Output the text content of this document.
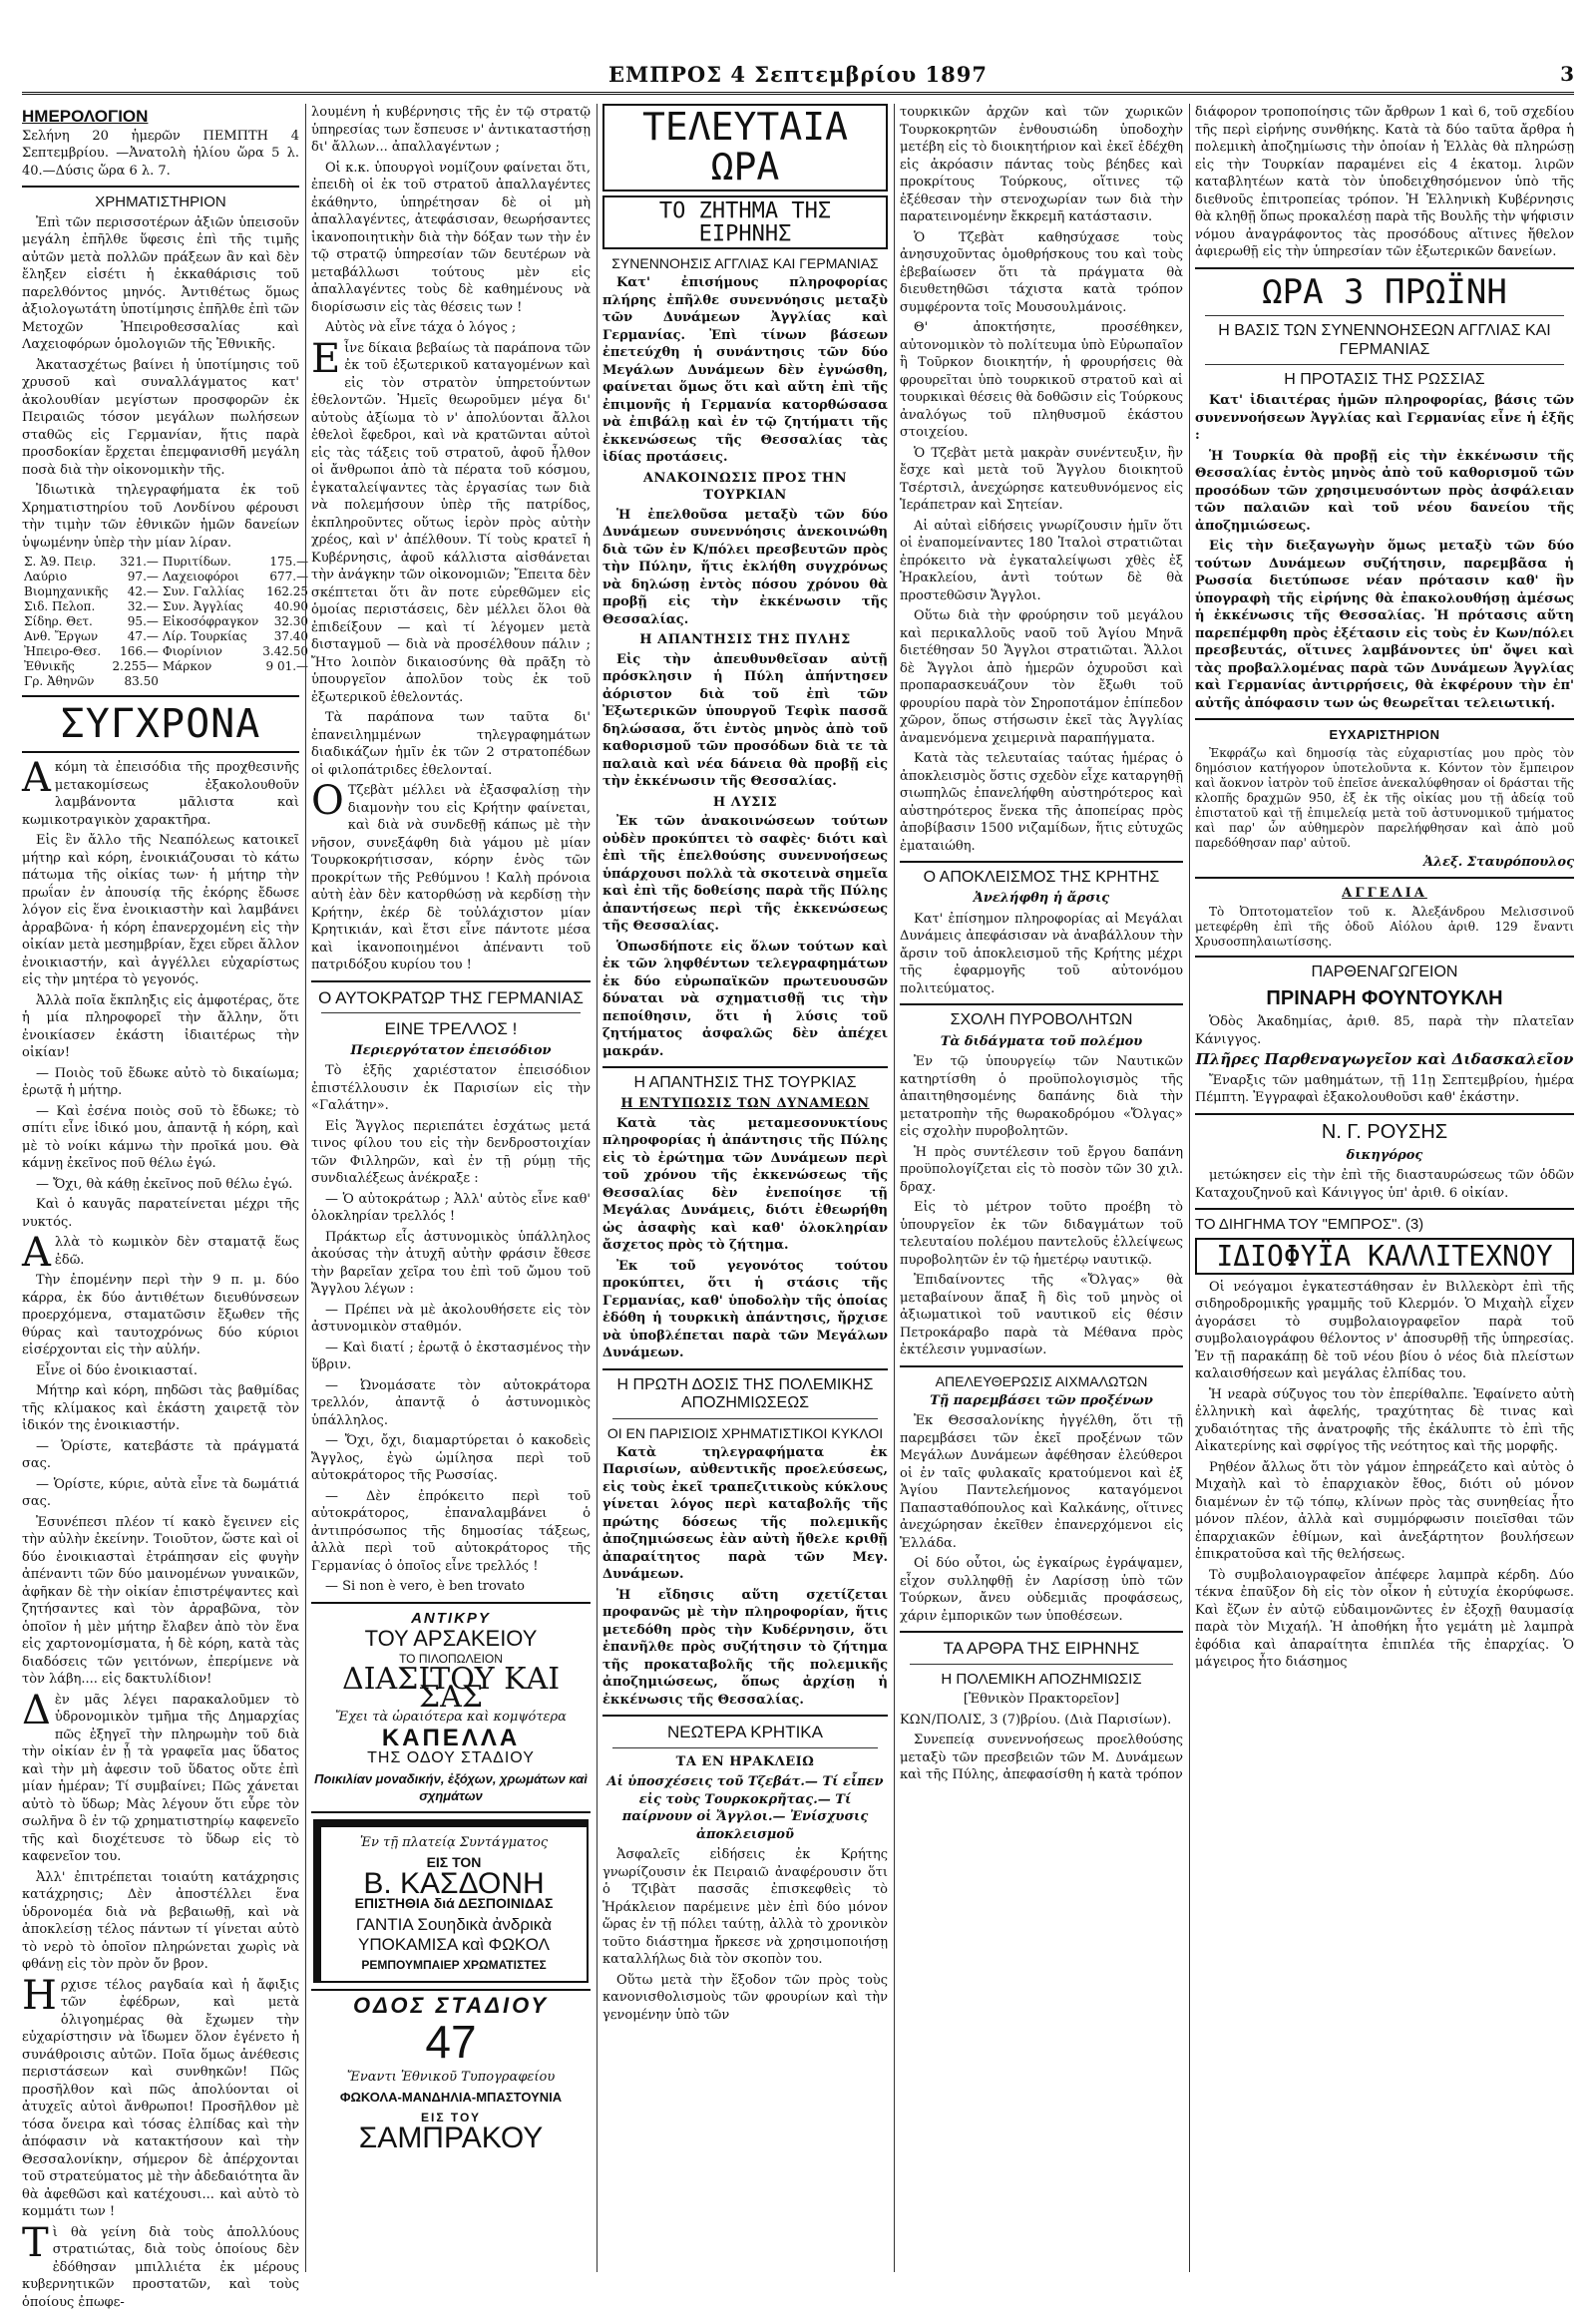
ΕΜΠΡΟΣ 4 Σεπτεμβρίου 1897	3
ΗΜΕΡΟΛΟΓΙΟΝ

Σελήνη 20 ἡμερῶν ΠΕΜΠΤΗ 4 Σεπτεμβρίου. —Ἀνατολὴ ἡλίου ὥρα 5 λ. 40.—Δύσις ὥρα 6 λ. 7.

ΧΡΗΜΑΤΙΣΤΗΡΙΟΝ

Ἐπὶ τῶν περισσοτέρων ἀξιῶν ὑπεισοῦν μεγάλη ἐπῆλθε ὕφεσις ἐπὶ τῆς τιμῆς αὐτῶν μετὰ πολλῶν πράξεων ἂν καὶ δὲν ἔληξεν εἰσέτι ἡ ἐκκαθάρισις τοῦ παρελθόντος μηνός. Ἀντιθέτως ὅμως ἀξιολογωτάτη ὑποτίμησις ἐπῆλθε ἐπὶ τῶν Μετοχῶν Ἠπειροθεσσαλίας καὶ Λαχειοφόρων ὁμολογιῶν τῆς Ἐθνικῆς.

Ἀκατασχέτως βαίνει ἡ ὑποτίμησις τοῦ χρυσοῦ καὶ συναλλάγματος κατ' ἀκολουθίαν μεγίστων προσφορῶν ἐκ Πειραιῶς τόσον μεγάλων πωλήσεων σταθῶς εἰς Γερμανίαν, ἥτις παρὰ προσδοκίαν ἔρχεται ἐπεμφανισθῆ μεγάλη ποσὰ διὰ τὴν οἰκονομικὴν τῆς.

Ἰδιωτικὰ τηλεγραφήματα ἐκ τοῦ Χρηματιστηρίου τοῦ Λονδίνου φέρουσι τὴν τιμὴν τῶν ἐθνικῶν ἡμῶν δανείων ὑψωμένην ὑπὲρ τὴν μίαν λίραν.

Σ. Ἀ9. Πειρ.	321.—	Πυριτίδων.	175.—
Λαύριο	97.—	Λαχειοφόροι	677.—
Βιομηχανικῆς	42.—	Συν. Γαλλίας	162.25
Σιδ. Πελοπ.	32.—	Συν. Ἀγγλίας	40.90
Σίδηρ. Θετ.	95.—	Εἰκοσόφραγκον	32.30
Ανθ. Ἔργων	47.—	Λίρ. Τουρκίας	37.40
Ἠπειρο-Θεσ.	166.—	Φιορίνιον	3.42.50
Ἐθνικῆς	2.255—	Μάρκον	9 01.—
Γρ. Ἀθηνῶν	83.50		
ΣΥΓΧΡΟΝΑ

Ακόμη τὰ ἐπεισόδια τῆς προχθεσινῆς μετακομίσεως ἐξακολουθοῦν λαμβάνοντα μᾶλιστα καὶ κωμικοτραγικὸν χαρακτῆρα.

Εἰς ἓν ἄλλο τῆς Νεαπόλεως κατοικεῖ μήτηρ καὶ κόρη, ἐνοικιάζουσαι τὸ κάτω πάτωμα τῆς οἰκίας των· ἡ μήτηρ τὴν πρωΐαν ἐν ἀπουσίᾳ τῆς ἐκόρης ἔδωσε λόγον εἰς ἕνα ἐνοικιαστὴν καὶ λαμβάνει ἀρραβῶνα· ἡ κόρη ἐπανερχομένη εἰς τὴν οἰκίαν μετὰ μεσημβρίαν, ἔχει εὕρει ἄλλον ἐνοικιαστήν, καὶ ἀγγέλλει εὐχαρίστως εἰς τὴν μητέρα τὸ γεγονός.

Ἀλλὰ ποῖα ἔκπληξις εἰς ἀμφοτέρας, ὅτε ἡ μία πληροφορεῖ τὴν ἄλλην, ὅτι ἐνοικίασεν ἑκάστη ἰδιαιτέρως τὴν οἰκίαν!

— Ποιὸς τοῦ ἔδωκε αὐτὸ τὸ δικαίωμα; ἐρωτᾷ ἡ μήτηρ.

— Καὶ ἐσένα ποιὸς σοῦ τὸ ἔδωκε; τὸ σπίτι εἶνε ἰδικό μου, ἀπαντᾷ ἡ κόρη, καὶ μὲ τὸ νοίκι κάμνω τὴν προῖκά μου. Θὰ κάμνῃ ἐκεῖνος ποῦ θέλω ἐγώ.

— Ὄχι, θὰ κάθῃ ἐκεῖνος ποῦ θέλω ἐγώ.

Καὶ ὁ καυγᾶς παρατείνεται μέχρι τῆς νυκτός.

Αλλὰ τὸ κωμικὸν δὲν σταματᾷ ἕως ἐδῶ.

Τὴν ἐπομένην περὶ τὴν 9 π. μ. δύο κάρρα, ἐκ δύο ἀντιθέτων διευθύνσεων προερχόμενα, σταματῶσιν ἔξωθεν τῆς θύρας καὶ ταυτοχρόνως δύο κύριοι εἰσέρχονται εἰς τὴν αὐλήν.

Εἶνε οἱ δύο ἐνοικιασταί.

Μήτηρ καὶ κόρη, πηδῶσι τὰς βαθμίδας τῆς κλίμακος καὶ ἑκάστη χαιρετᾷ τὸν ἰδικόν της ἐνοικιαστήν.

— Ὁρίστε, κατεβάστε τὰ πράγματά σας.

— Ὁρίστε, κύριε, αὐτὰ εἶνε τὰ δωμάτιά σας.

Ἐσυνέπεσι πλέον τί κακὸ ἔγεινεν εἰς τὴν αὐλὴν ἐκείνην. Τοιοῦτον, ὥστε καὶ οἱ δύο ἐνοικιασταὶ ἐτράπησαν εἰς φυγὴν ἀπέναντι τῶν δύο μαινομένων γυναικῶν, ἀφῆκαν δὲ τὴν οἰκίαν ἐπιστρέψαντες καὶ ζητήσαντες καὶ τὸν ἀρραβῶνα, τὸν ὁποῖον ἡ μὲν μήτηρ ἔλαβεν ἀπὸ τὸν ἕνα εἰς χαρτονομίσματα, ἡ δὲ κόρη, κατὰ τὰς διαδόσεις τῶν γειτόνων, ἐπερίμενε νὰ τὸν λάβη.... εἰς δακτυλίδιον!

Δὲν μᾶς λέγει παρακαλοῦμεν τὸ ὑδρονομικὸν τμῆμα τῆς Δημαρχίας πῶς ἐξηγεῖ τὴν πληρωμὴν τοῦ διὰ τὴν οἰκίαν ἐν ᾗ τὰ γραφεῖα μας ὕδατος καὶ τὴν μὴ ἀφεσιν τοῦ ὕδατος οὔτε ἐπὶ μίαν ἡμέραν; Τί συμβαίνει; Πῶς χάνεται αὐτὸ τὸ ὕδωρ; Μὰς λέγουν ὅτι εὗρε τὸν σωλῆνα ὃ ἐν τῷ χρηματιστηρίῳ καφενεῖο τῆς καὶ διοχέτευσε τὸ ὕδωρ εἰς τὸ καφενεῖον του.

Ἀλλ' ἐπιτρέπεται τοιαύτη κατάχρησις κατάχρησις; Δὲν ἀποστέλλει ἕνα ὑδρονομέα διὰ νὰ βεβαιωθῇ, καὶ νὰ ἀποκλείσῃ τέλος πάντων τί γίνεται αὐτὸ τὸ νερὸ τὸ ὁποῖον πληρώνεται χωρὶς νὰ φθάνῃ εἰς τὸν πρὸν ὄν βρον.

Ηρχισε τέλος ραγδαία καὶ ἡ ἄφιξις τῶν ἐφέδρων, καὶ μετὰ ὁλιγοημέρας θὰ ἔχωμεν τὴν εὐχαρίστησιν νὰ ἴδωμεν ὅλον ἐγένετο ἡ συνάθροισις αὐτῶν. Ποῖα ὅμως ἀνέθεσις περιστάσεων καὶ συνθηκῶν! Πῶς προσῆλθον καὶ πῶς ἀπολύονται οἱ ἀτυχεῖς αὐτοὶ ἄνθρωποι! Προσῆλθον μὲ τόσα ὄνειρα καὶ τόσας ἐλπίδας καὶ τὴν ἀπόφασιν νὰ κατακτήσουν καὶ τὴν Θεσσαλονίκην, σήμερον δὲ ἀπέρχονται τοῦ στρατεύματος μὲ τὴν ἀδεδαιότητα ἂν θὰ ἀφεθῶσι καὶ κατέχουσι... καὶ αὐτὸ τὸ κομμάτι των !

Τὶ θὰ γείνη διὰ τοὺς ἀπολλύους στρατιώτας, διὰ τοὺς ὁποίους δὲν ἐδόθησαν μπιλλιέτα ἐκ μέρους κυβερνητικῶν προστατῶν, καὶ τοὺς ὁποίους ἐπωφε-

λουμένη ἡ κυβέρνησις τῆς ἐν τῷ στρατῷ ὑπηρεσίας των ἔσπευσε ν' ἀντικαταστήσῃ δι' ἄλλων... ἀπαλλαγέντων ;

Οἱ κ.κ. ὑπουργοὶ νομίζουν φαίνεται ὅτι, ἐπειδὴ οἱ ἐκ τοῦ στρατοῦ ἀπαλλαγέντες ἐκάθηντο, ὑπηρέτησαν δὲ οἱ μὴ ἀπαλλαγέντες, ἀτεφάσισαν, θεωρήσαντες ἱκανοποιητικὴν διὰ τὴν δόξαν των τὴν ἐν τῷ στρατῷ ὑπηρεσίαν τῶν δευτέρων νὰ μεταβάλλωσι τούτους μὲν εἰς ἀπαλλαγέντες τοὺς δὲ καθημένους νὰ διορίσωσιν εἰς τὰς θέσεις των !

Αὐτὸς νὰ εἶνε τάχα ὁ λόγος ;

Εἶνε δίκαια βεβαίως τὰ παράπονα τῶν ἐκ τοῦ ἐξωτερικοῦ καταγομένων καὶ εἰς τὸν στρατὸν ὑπηρετούντων ἐθελοντῶν. Ἡμεῖς θεωροῦμεν μέγα δι' αὐτοὺς ἀξίωμα τὸ ν' ἀπολύονται ἄλλοι ἐθελοὶ ἔφεδροι, καὶ νὰ κρατῶνται αὐτοὶ εἰς τὰς τάξεις τοῦ στρατοῦ, ἀφοῦ ἦλθον οἱ ἄνθρωποι ἀπὸ τὰ πέρατα τοῦ κόσμου, ἐγκαταλείψαντες τὰς ἐργασίας των διὰ νὰ πολεμήσουν ὑπὲρ τῆς πατρίδος, ἐκπληροῦντες οὕτως ἱερὸν πρὸς αὐτὴν χρέος, καὶ ν' ἀπέλθουν. Τί τοὺς κρατεῖ ἡ Κυβέρνησις, ἀφοῦ κάλλιστα αἰσθάνεται τὴν ἀνάγκην τῶν οἰκονομιῶν; Ἔπειτα δὲν σκέπτεται ὅτι ἂν ποτε εὑρεθῶμεν εἰς ὁμοίας περιστάσεις, δὲν μέλλει ὅλοι θὰ ἐπιδείξουν — καὶ τί λέγομεν μετὰ δισταγμοῦ — διὰ νὰ προσέλθουν πάλιν ; Ἤτο λοιπὸν δικαιοσύνης θὰ πρᾶξη τὸ ὑπουργεῖον ἀπολῦον τοὺς ἐκ τοῦ ἐξωτερικοῦ ἐθελοντάς.

Τὰ παράπονα των ταῦτα δι' ἐπανειλημμένων τηλεγραφημάτων διαδικάζων ἡμῖν ἐκ τῶν 2 στρατοπέδων οἱ φιλοπάτριδες ἐθελονταί.

Ο Τζεβὰτ μέλλει νὰ ἐξασφαλίσῃ τὴν διαμονὴν του εἰς Κρήτην φαίνεται, καὶ διὰ νὰ συνδεθῇ κάπως μὲ τὴν νῆσον, συνεξάφθη διὰ γάμου μὲ μίαν Τουρκοκρήτισσαν, κόρην ἑνὸς τῶν προκρίτων τῆς Ρεθύμνου ! Καλὴ πρόνοια αὐτὴ ἐὰν δὲν κατορθώσῃ νὰ κερδίσῃ τὴν Κρήτην, ἐκέρ δὲ τοὐλάχιστον μίαν Κρητικιάν, καὶ ἔτσι εἶνε πάντοτε μέσα καὶ ἱκανοποιημένοι ἀπέναντι τοῦ πατριδόξου κυρίου του !

Ο ΑΥΤΟΚΡΑΤΩΡ ΤΗΣ ΓΕΡΜΑΝΙΑΣ
ΕΙΝΕ ΤΡΕΛΛΟΣ !
Περιεργότατον ἐπεισόδιον

Τὸ ἑξῆς χαριέστατον ἐπεισόδιον ἐπιστέλλουσιν ἐκ Παρισίων εἰς τὴν «Γαλάτην».

Εἰς Ἄγγλος περιεπάτει ἐσχάτως μετά τινος φίλου του εἰς τὴν δενδροστοιχίαν τῶν Φιλληρῶν, καὶ ἐν τῇ ρύμῃ τῆς συνδιαλέξεως ἀνέκραξε :

— Ὁ αὐτοκράτωρ ; Ἀλλ' αὐτὸς εἶνε καθ' ὁλοκληρίαν τρελλός !

Πράκτωρ εἷς ἀστυνομικὸς ὑπάλληλος ἀκούσας τὴν ἀτυχῆ αὐτὴν φράσιν ἔθεσε τὴν βαρεῖαν χεῖρα του ἐπὶ τοῦ ὤμου τοῦ Ἄγγλου λέγων :

— Πρέπει νὰ μὲ ἀκολουθήσετε εἰς τὸν ἀστυνομικὸν σταθμόν.

— Καὶ διατί ; ἐρωτᾷ ὁ ἐκστασμένος τὴν ὕβριν.

— Ὠνομάσατε τὸν αὐτοκράτορα τρελλόν, ἀπαντᾷ ὁ ἀστυνομικὸς ὑπάλληλος.

— Ὄχι, ὄχι, διαμαρτύρεται ὁ κακοδεὶς Ἄγγλος, ἐγὼ ὡμίλησα περὶ τοῦ αὐτοκράτορος τῆς Ρωσσίας.

— Δὲν ἐπρόκειτο περὶ τοῦ αὐτοκράτορος, ἐπαναλαμβάνει ὁ ἀντιπρόσωπος τῆς δημοσίας τάξεως, ἀλλὰ περὶ τοῦ αὐτοκράτορος τῆς Γερμανίας ὁ ὁποῖος εἶνε τρελλός !

— Si non è vero, è ben trovato

ΑΝΤΙΚΡΥ
ΤΟΥ ΑΡΣΑΚΕΙΟΥ
ΤΟ ΠΙΛΟΠΩΛΕΙΟΝ
ΔΙΑΣΙΤΟΥ ΚΑΙ ΣΑΣ
Ἔχει τὰ ὡραιότερα καὶ κομψότερα
ΚΑΠΕΛΛΑ
ΤΗΣ ΟΔΟΥ ΣΤΑΔΙΟΥ
Ποικιλίαν μοναδικήν, ἐξόχων, χρωμάτων καὶ σχημάτων
Ἐν τῇ πλατείᾳ Συντάγματος
ΕΙΣ ΤΟΝ
Β. ΚΑΣΔΟΝΗ
ΕΠΙΣΤΗΘΙΑ διά ΔΕΣΠΟΙΝΙΔΑΣ
ΓΑΝΤΙΑ Σουηδικὰ ἀνδρικὰ
ΥΠΟΚΑΜΙΣΑ καὶ ΦΩΚΟΛ
ΡΕΜΠΟΥΜΠΑΙΕΡ ΧΡΩΜΑΤΙΣΤΕΣ
ΟΔΟΣ ΣΤΑΔΙΟΥ
47
Ἔναντι Ἐθνικοῦ Τυπογραφείου
ΦΩΚΟΛΑ-ΜΑΝΔΗΛΙΑ-ΜΠΑΣΤΟΥΝΙΑ
ΕΙΣ ΤΟΥ
ΣΑΜΠΡΑΚΟΥ
ΤΕΛΕΥΤΑΙΑ ΩΡΑ
ΤΟ ΖΗΤΗΜΑ ΤΗΣ ΕΙΡΗΝΗΣ
ΣΥΝΕΝΝΟΗΣΙΣ ΑΓΓΛΙΑΣ ΚΑΙ ΓΕΡΜΑΝΙΑΣ

Κατ' ἐπισήμους πληροφορίας πλήρης ἐπῆλθε συνεννόησις μεταξὺ τῶν Δυνάμεων Ἀγγλίας καὶ Γερμανίας. Ἐπὶ τίνων βάσεων ἐπετεύχθη ἡ συνάντησις τῶν δύο Μεγάλων Δυνάμεων δὲν ἐγνώσθη, φαίνεται ὅμως ὅτι καὶ αὕτη ἐπὶ τῆς ἐπιμονῆς ἡ Γερμανία κατορθώσασα νὰ ἐπιβάλῃ καὶ ἐν τῷ ζητήματι τῆς ἐκκενώσεως τῆς Θεσσαλίας τὰς ἰδίας προτάσεις.

ΑΝΑΚΟΙΝΩΣΙΣ ΠΡΟΣ ΤΗΝ ΤΟΥΡΚΙΑΝ

Ἡ ἐπελθοῦσα μεταξὺ τῶν δύο Δυνάμεων συνεννόησις ἀνεκοινώθη διὰ τῶν ἐν Κ/πόλει πρεσβευτῶν πρὸς τὴν Πύλην, ἥτις ἐκλήθη συγχρόνως νὰ δηλώσῃ ἐντὸς πόσου χρόνου θὰ προβῇ εἰς τὴν ἐκκένωσιν τῆς Θεσσαλίας.

Η ΑΠΑΝΤΗΣΙΣ ΤΗΣ ΠΥΛΗΣ

Εἰς τὴν ἀπευθυνθεῖσαν αὐτῇ πρόσκλησιν ἡ Πύλη ἀπήντησεν ἀόριστον διὰ τοῦ ἐπὶ τῶν Ἐξωτερικῶν ὑπουργοῦ Τεφὶκ πασσᾶ δηλώσασα, ὅτι ἐντὸς μηνὸς ἀπὸ τοῦ καθορισμοῦ τῶν προσόδων διὰ τε τὰ παλαιὰ καὶ νέα δάνεια θὰ προβῇ εἰς τὴν ἐκκένωσιν τῆς Θεσσαλίας.

Η ΛΥΣΙΣ

Ἐκ τῶν ἀνακοινώσεων τούτων οὐδὲν προκύπτει τὸ σαφὲς· διότι καὶ ἐπὶ τῆς ἐπελθούσης συνεννοήσεως ὑπάρχουσι πολλὰ τὰ σκοτεινὰ σημεῖα καὶ ἐπὶ τῆς δοθείσης παρὰ τῆς Πύλης ἀπαντήσεως περὶ τῆς ἐκκενώσεως τῆς Θεσσαλίας.

Ὁπωσδήποτε εἰς ὅλων τούτων καὶ ἐκ τῶν ληφθέντων τελεγραφημάτων ἐκ δύο εὐρωπαϊκῶν πρωτευουσῶν δύναται νὰ σχηματισθῇ τις τὴν πεποίθησιν, ὅτι ἡ λύσις τοῦ ζητήματος ἀσφαλῶς δὲν ἀπέχει μακράν.

Η ΑΠΑΝΤΗΣΙΣ ΤΗΣ ΤΟΥΡΚΙΑΣ
Η ΕΝΤΥΠΩΣΙΣ ΤΩΝ ΔΥΝΑΜΕΩΝ

Κατὰ τὰς μεταμεσονυκτίους πληροφορίας ἡ ἀπάντησις τῆς Πύλης εἰς τὸ ἐρώτημα τῶν Δυνάμεων περὶ τοῦ χρόνου τῆς ἐκκενώσεως τῆς Θεσσαλίας δὲν ἐνεποίησε τῇ Μεγάλας Δυνάμεις, διότι ἐθεωρήθη ὡς ἀσαφὴς καὶ καθ' ὁλοκληρίαν ἄσχετος πρὸς τὸ ζήτημα.

Ἐκ τοῦ γεγονότος τούτου προκύπτει, ὅτι ἡ στάσις τῆς Γερμανίας, καθ' ὑποδολὴν τῆς ὁποίας ἐδόθη ἡ τουρκικὴ ἀπάντησις, ἤρχισε νὰ ὑποβλέπεται παρὰ τῶν Μεγάλων Δυνάμεων.

Η ΠΡΩΤΗ ΔΟΣΙΣ ΤΗΣ ΠΟΛΕΜΙΚΗΣ ΑΠΟΖΗΜΙΩΣΕΩΣ
ΟΙ ΕΝ ΠΑΡΙΣΙΟΙΣ ΧΡΗΜΑΤΙΣΤΙΚΟΙ ΚΥΚΛΟΙ

Κατὰ τηλεγραφήματα ἐκ Παρισίων, αὐθεντικῆς προελεύσεως, εἰς τοὺς ἐκεῖ τραπεζιτικοὺς κύκλους γίνεται λόγος περὶ καταβολῆς τῆς πρώτης δόσεως τῆς πολεμικῆς ἀποζημιώσεως ἐὰν αὐτὴ ἤθελε κριθῇ ἀπαραίτητος παρὰ τῶν Μεγ. Δυνάμεων.

Ἡ εἴδησις αὕτη σχετίζεται προφανῶς μὲ τὴν πληροφορίαν, ἥτις μετεδόθη πρὸς τὴν Κυδέρνησιν, ὅτι ἐπανῆλθε πρὸς συζήτησιν τὸ ζήτημα τῆς προκαταβολῆς τῆς πολεμικῆς ἀποζημιώσεως, ὅπως ἀρχίσῃ ἡ ἐκκένωσις τῆς Θεσσαλίας.

ΝΕΩΤΕΡΑ ΚΡΗΤΙΚΑ
ΤΑ ΕΝ ΗΡΑΚΛΕΙΩ
Αἱ ὑποσχέσεις τοῦ Τζεβάτ.— Τί εἶπεν εἰς τοὺς Τουρκοκρῆτας.— Τί παίρνουν οἱ Ἄγγλοι.— Ἐνίσχυσις ἀποκλεισμοῦ

Ἀσφαλεῖς εἰδήσεις ἐκ Κρήτης γνωρίζουσιν ἐκ Πειραιῶ ἀναφέρουσιν ὅτι ὁ Τζιβὰτ πασσᾶς ἐπισκεφθεὶς τὸ Ἡράκλειον παρέμεινε μὲν ἐπὶ δύο μόνον ὥρας ἐν τῇ πόλει ταύτῃ, ἀλλὰ τὸ χρονικὸν τοῦτο διάστημα ἤρκεσε νὰ χρησιμοποιήσῃ καταλλήλως διὰ τὸν σκοπὸν του.

Οὕτω μετὰ τὴν ἔξοδον τῶν πρὸς τοὺς κανονισθολισμοὺς τῶν φρουρίων καὶ τὴν γενομένην ὑπὸ τῶν

τουρκικῶν ἀρχῶν καὶ τῶν χωρικῶν Τουρκοκρητῶν ἐνθουσιώδη ὑποδοχὴν μετέβη εἰς τὸ διοικητήριον καὶ ἐκεῖ ἐδέχθη εἰς ἀκρόασιν πάντας τοὺς βέηδες καὶ προκρίτους Τούρκους, οἵτινες τῷ ἐξέθεσαν τὴν στενοχωρίαν των διὰ τὴν παρατεινομένην ἔκκρεμῆ κατάστασιν.

Ὁ Τζεβὰτ καθησύχασε τοὺς ἀνησυχοῦντας ὁμοθρήσκους του καὶ τοὺς ἐβεβαίωσεν ὅτι τὰ πράγματα θὰ διευθετηθῶσι τάχιστα κατὰ τρόπον συμφέροντα τοῖς Μουσουλμάνοις.

Θ' ἀποκτήσητε, προσέθηκεν, αὐτονομικὸν τὸ πολίτευμα ὑπὸ Εὐρωπαῖον ἢ Τοῦρκον διοικητήν, ἡ φρουρήσεις θὰ φρουρεῖται ὑπὸ τουρκικοῦ στρατοῦ καὶ αἱ τουρκικαὶ θέσεις θὰ δοθῶσιν εἰς Τούρκους ἀναλόγως τοῦ πληθυσμοῦ ἑκάστου στοιχείου.

Ὁ Τζεβὰτ μετὰ μακρὰν συνέντευξιν, ἣν ἔσχε καὶ μετὰ τοῦ Ἄγγλου διοικητοῦ Τσέρτσιλ, ἀνεχώρησε κατευθυνόμενος εἰς Ἱεράπετραν καὶ Σητείαν.

Αἱ αὐταὶ εἰδήσεις γνωρίζουσιν ἡμῖν ὅτι οἱ ἐναπομείναντες 180 Ἰταλοὶ στρατιῶται ἐπρόκειτο νὰ ἐγκαταλείψωσι χθὲς ἐξ Ἡρακλείου, ἀντὶ τούτων δὲ θὰ προστεθῶσιν Ἄγγλοι.

Οὕτω διὰ τὴν φρούρησιν τοῦ μεγάλου καὶ περικαλλοῦς ναοῦ τοῦ Ἁγίου Μηνᾶ διετέθησαν 50 Ἄγγλοι στρατιῶται. Ἄλλοι δὲ Ἄγγλοι ἀπὸ ἡμερῶν ὀχυροῦσι καὶ προπαρασκευάζουν τὸν ἔξωθι τοῦ φρουρίου παρὰ τὸν Σηροποτάμον ἐπίπεδον χῶρον, ὅπως στήσωσιν ἐκεῖ τὰς Ἀγγλίας ἀναμενόμενα χειμερινὰ παραπήγματα.

Κατὰ τὰς τελευταίας ταύτας ἡμέρας ὁ ἀποκλεισμὸς ὅστις σχεδὸν εἶχε καταργηθῇ σιωπηλῶς ἐπανελήφθη αὐστηρότερος καὶ αὐστηρότερος ἕνεκα τῆς ἀποπείρας πρὸς ἀποβίβασιν 1500 νιζαμίδων, ἥτις εὐτυχῶς ἐματαιώθη.

Ο ΑΠΟΚΛΕΙΣΜΟΣ ΤΗΣ ΚΡΗΤΗΣ
Ἀνελήφθη ἡ ἄρσις

Κατ' ἐπίσημον πληροφορίας αἱ Μεγάλαι Δυνάμεις ἀπεφάσισαν νὰ ἀναβάλλουν τὴν ἄρσιν τοῦ ἀποκλεισμοῦ τῆς Κρήτης μέχρι τῆς ἐφαρμογῆς τοῦ αὐτονόμου πολιτεύματος.

ΣΧΟΛΗ ΠΥΡΟΒΟΛΗΤΩΝ
Τὰ διδάγματα τοῦ πολέμου

Ἐν τῷ ὑπουργείῳ τῶν Ναυτικῶν κατηρτίσθη ὁ προϋπολογισμὸς τῆς ἀπαιτηθησομένης δαπάνης διὰ τὴν μετατροπὴν τῆς θωρακοδρόμου «Ὄλγας» εἰς σχολὴν πυροβολητῶν.

Ἡ πρὸς συντέλεσιν τοῦ ἔργου δαπάνη προϋπολογίζεται εἰς τὸ ποσὸν τῶν 30 χιλ. δραχ.

Εἰς τὸ μέτρον τοῦτο προέβη τὸ ὑπουργεῖον ἐκ τῶν διδαγμάτων τοῦ τελευταίου πολέμου παντελοῦς ἐλλείψεως πυροβολητῶν ἐν τῷ ἡμετέρῳ ναυτικῷ.

Ἐπιδαίνοντες τῆς «Ὄλγας» θὰ μεταβαίνουν ἅπαξ ἢ δὶς τοῦ μηνὸς οἱ ἀξιωματικοὶ τοῦ ναυτικοῦ εἰς θέσιν Πετροκάραβο παρὰ τὰ Μέθανα πρὸς ἐκτέλεσιν γυμνασίων.

ΑΠΕΛΕΥΘΕΡΩΣΙΣ ΑΙΧΜΑΛΩΤΩΝ
Τῇ παρεμβάσει τῶν προξένων

Ἐκ Θεσσαλονίκης ἠγγέλθη, ὅτι τῇ παρεμβάσει τῶν ἐκεῖ προξένων τῶν Μεγάλων Δυνάμεων ἀφέθησαν ἐλεύθεροι οἱ ἐν ταῖς φυλακαῖς κρατούμενοι καὶ ἐξ Ἁγίου Παντελεήμονος καταγόμενοι Παπασταθόπουλος καὶ Καλκάνης, οἵτινες ἀνεχώρησαν ἐκεῖθεν ἐπανερχόμενοι εἰς Ἑλλάδα.

Οἱ δύο οὗτοι, ὡς ἐγκαίρως ἐγράψαμεν, εἶχον συλληφθῇ ἐν Λαρίσσῃ ὑπὸ τῶν Τούρκων, ἄνευ οὐδεμιᾶς προφάσεως, χάριν ἐμπορικῶν των ὑποθέσεων.

ΤΑ ΑΡΘΡΑ ΤΗΣ ΕΙΡΗΝΗΣ
Η ΠΟΛΕΜΙΚΗ ΑΠΟΖΗΜΙΩΣΙΣ

[Ἐθνικὸν Πρακτορεῖον]

ΚΩΝ/ΠΟΛΙΣ, 3 (7)βρίου. (Διὰ Παρισίων).

Συνεπείᾳ συνεννοήσεως προελθούσης μεταξὺ τῶν πρεσβειῶν τῶν Μ. Δυνάμεων καὶ τῆς Πύλης, ἀπεφασίσθη ἡ κατὰ τρόπον

διάφορον τροποποίησις τῶν ἄρθρων 1 καὶ 6, τοῦ σχεδίου τῆς περὶ εἰρήνης συνθήκης. Κατὰ τὰ δύο ταῦτα ἄρθρα ἡ πολεμικὴ ἀποζημίωσις τὴν ὁποίαν ἡ Ἑλλὰς θὰ πληρώσῃ εἰς τὴν Τουρκίαν παραμένει εἰς 4 ἑκατομ. λιρῶν καταβλητέων κατὰ τὸν ὑποδειχθησόμενον ὑπὸ τῆς διεθνοῦς ἐπιτροπείας τρόπον. Ἡ Ἑλληνικὴ Κυβέρνησις θὰ κληθῇ ὅπως προκαλέσῃ παρὰ τῆς Βουλῆς τὴν ψήφισιν νόμου ἀναγράφοντος τὰς προσόδους αἵτινες ἤθελον ἀφιερωθῇ εἰς τὴν ὑπηρεσίαν τῶν ἐξωτερικῶν δανείων.

ΩΡΑ 3 ΠΡΩΪΝΗ
Η ΒΑΣΙΣ ΤΩΝ ΣΥΝΕΝΝΟΗΣΕΩΝ ΑΓΓΛΙΑΣ ΚΑΙ ΓΕΡΜΑΝΙΑΣ
Η ΠΡΟΤΑΣΙΣ ΤΗΣ ΡΩΣΣΙΑΣ

Κατ' ἰδιαιτέρας ἡμῶν πληροφορίας, βάσις τῶν συνεννοήσεων Ἀγγλίας καὶ Γερμανίας εἶνε ἡ ἑξῆς :

Ἡ Τουρκία θὰ προβῇ εἰς τὴν ἐκκένωσιν τῆς Θεσσαλίας ἐντὸς μηνὸς ἀπὸ τοῦ καθορισμοῦ τῶν προσόδων τῶν χρησιμευσόντων πρὸς ἀσφάλειαν τῶν παλαιῶν καὶ τοῦ νέου δανείου τῆς ἀποζημιώσεως.

Εἰς τὴν διεξαγωγὴν ὅμως μεταξὺ τῶν δύο τούτων Δυνάμεων συζήτησιν, παρεμβᾶσα ἡ Ρωσσία διετύπωσε νέαν πρότασιν καθ' ἣν ὑπογραφὴ τῆς εἰρήνης θὰ ἐπακολουθήσῃ ἀμέσως ἡ ἐκκένωσις τῆς Θεσσαλίας. Ἡ πρότασις αὕτη παρεπέμφθη πρὸς ἐξέτασιν εἰς τοὺς ἐν Κων/πόλει πρεσβευτάς, οἵτινες λαμβάνοντες ὑπ' ὄψει καὶ τὰς προβαλλομένας παρὰ τῶν Δυνάμεων Ἀγγλίας καὶ Γερμανίας ἀντιρρήσεις, θὰ ἐκφέρουν τὴν ἐπ' αὐτῆς ἀπόφασιν των ὡς θεωρεῖται τελειωτική.

ΕΥΧΑΡΙΣΤΗΡΙΟΝ

Ἐκφράζω καὶ δημοσίᾳ τὰς εὐχαριστίας μου πρὸς τὸν δημόσιον κατήγορον ὑποτελοῦντα κ. Κόντον τὸν ἔμπειρον καὶ ἄοκνον ἰατρὸν τοῦ ἐπεῖσε ἀνεκαλύφθησαν οἱ δράσται τῆς κλοπῆς δραχμῶν 950, ἐξ ἐκ τῆς οἰκίας μου τῇ ἀδείᾳ τοῦ ἐπιστατοῦ καὶ τῇ ἐπιμελείᾳ μετὰ τοῦ ἀστυνομικοῦ τμήματος καὶ παρ' ὧν αὐθημερὸν παρελήφθησαν καὶ ἀπὸ μοῦ παρεδόθησαν παρ' αὐτοῦ.

Ἀλεξ. Σταυρόπουλος

ΑΓΓΕΛΙΑ

Τὸ Ὀπτοτοματεῖον τοῦ κ. Ἀλεξάνδρου Μελισσινοῦ μετεφέρθη ἐπὶ τῆς ὁδοῦ Αἰόλου ἀριθ. 129 ἔναντι Χρυσοσπηλαιωτίσσης.

ΠΑΡΘΕΝΑΓΩΓΕΙΟΝ
ΠΡΙΝΑΡΗ ΦΟΥΝΤΟΥΚΛΗ

Ὁδὸς Ἀκαδημίας, ἀριθ. 85, παρὰ τὴν πλατεῖαν Κάνιγγος.

Πλῆρες Παρθεναγωγεῖον καὶ Διδασκαλεῖον

Ἔναρξις τῶν μαθημάτων, τῇ 11ῃ Σεπτεμβρίου, ἡμέρα Πέμπτη. Ἐγγραφαὶ ἐξακολουθοῦσι καθ' ἑκάστην.

Ν. Γ. ΡΟΥΣΗΣ
δικηγόρος

μετώκησεν εἰς τὴν ἐπὶ τῆς διασταυρώσεως τῶν ὁδῶν Καταχουζηνοῦ καὶ Κάνιγγος ὑπ' ἀριθ. 6 οἰκίαν.

ΤΟ ΔΙΗΓΗΜΑ ΤΟΥ "ΕΜΠΡΟΣ". (3)
ΙΔΙΟΦΥΪΑ ΚΑΛΛΙΤΕΧΝΟΥ

Οἱ νεόγαμοι ἐγκατεστάθησαν ἐν Βιλλεκὸρτ ἐπὶ τῆς σιδηροδρομικῆς γραμμῆς τοῦ Κλερμόν. Ὁ Μιχαὴλ εἶχεν ἀγοράσει τὸ συμβολαιογραφεῖον παρὰ τοῦ συμβολαιογράφου θέλοντος ν' ἀποσυρθῇ τῆς ὑπηρεσίας. Ἐν τῇ παρακάπῃ δὲ τοῦ νέου βίου ὁ νέος διὰ πλείστων καλαισθήσεων καὶ μεγάλας ἐλπίδας του.

Ἡ νεαρὰ σύζυγος του τὸν ἐπερίθαλπε. Ἐφαίνετο αὐτὴ ἐλληνικὴ καὶ ἀφελής, τραχύτητας δὲ τινας καὶ χυδαιότητας τῆς ἀνατροφῆς τῆς ἐκάλυπτε τὸ ἐπὶ τῆς Αἰκατερίνης καὶ σφρίγος τῆς νεότητος καὶ τῆς μορφῆς.

Ρηθέον ἄλλως ὅτι τὸν γάμον ἐπηρεάζετο καὶ αὐτὸς ὁ Μιχαὴλ καὶ τὸ ἐπαρχιακὸν ἔθος, διότι οὐ μόνον διαμένων ἐν τῷ τόπῳ, κλίνων πρὸς τὰς συνηθείας ἦτο μόνον πλέον, ἀλλὰ καὶ συμμόρφωσιν ποιεῖσθαι τῶν ἐπαρχιακῶν ἐθίμων, καὶ ἀνεξάρτητον βουλήσεων ἐπικρατοῦσα καὶ τῆς θελήσεως.

Τὸ συμβολαιογραφεῖον ἀπέφερε λαμπρὰ κέρδη. Δύο τέκνα ἐπαῦξον δὴ εἰς τὸν οἶκον ἡ εὐτυχία ἐκορύφωσε. Καὶ ἔζων ἐν αὐτῷ εὐδαιμονῶντες ἐν ἐξοχῇ θαυμασίᾳ παρὰ τὸν Μιχαήλ. Ἡ ἀποθήκη ἦτο γεμάτη μὲ λαμπρὰ ἐφόδια καὶ ἀπαραίτητα ἐπιπλέα τῆς ἐπαρχίας. Ὁ μάγειρος ἦτο διάσημος
